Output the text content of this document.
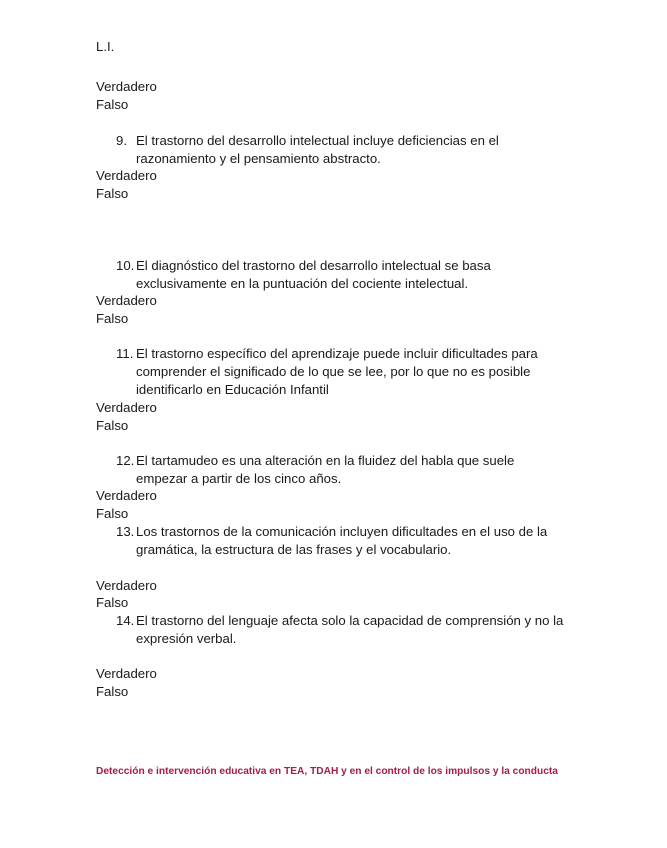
L.I.
Verdadero
Falso
9. El trastorno del desarrollo intelectual incluye deficiencias en el
razonamiento y el pensamiento abstracto.
Verdadero
Falso
10. El diagnóstico del trastorno del desarrollo intelectual se basa
exclusivamente en la puntuación del cociente intelectual.
Verdadero
Falso
11. El trastorno específico del aprendizaje puede incluir dificultades para
comprender el significado de lo que se lee, por lo que no es posible
identificarlo en Educación Infantil
Verdadero
Falso
12. El tartamudeo es una alteración en la fluidez del habla que suele
empezar a partir de los cinco años.
Verdadero
Falso
13. Los trastornos de la comunicación incluyen dificultades en el uso de la
gramática, la estructura de las frases y el vocabulario.
Verdadero
Falso
14. El trastorno del lenguaje afecta solo la capacidad de comprensión y no la
expresión verbal.
Verdadero
Falso
Detección e intervención educativa en TEA, TDAH y en el control de los impulsos y la conducta
